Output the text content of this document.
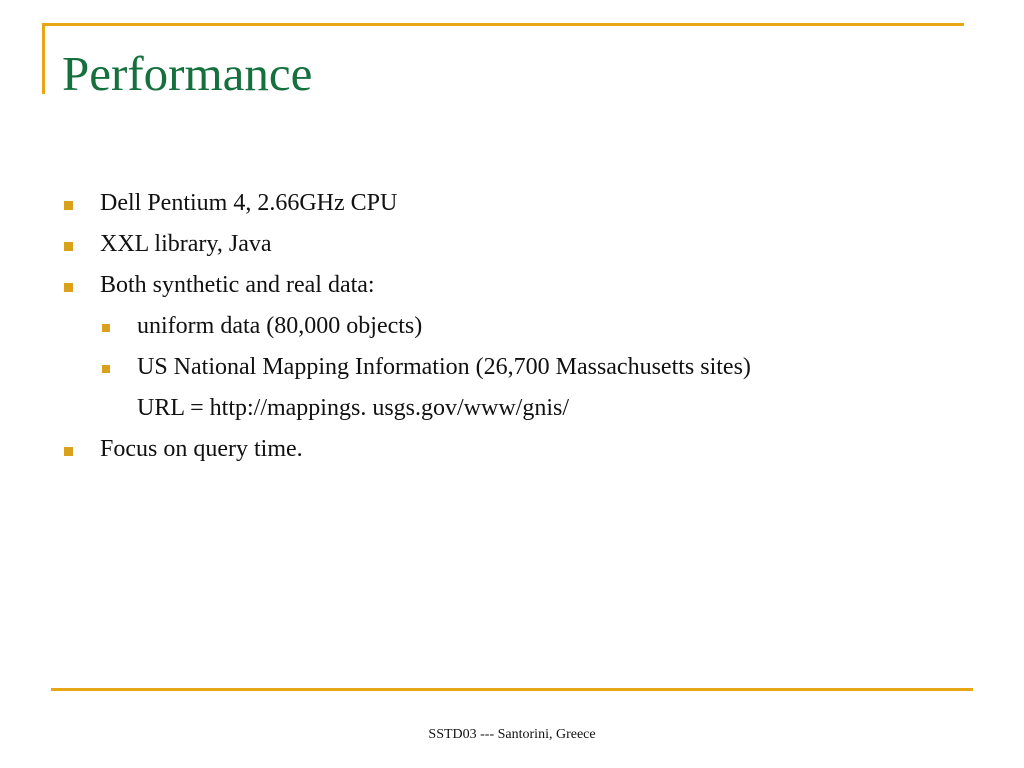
Performance
Dell Pentium 4, 2.66GHz CPU
XXL library, Java
Both synthetic and real data:
uniform data (80,000 objects)
US National Mapping Information (26,700 Massachusetts sites)
URL = http://mappings. usgs.gov/www/gnis/
Focus on query time.
SSTD03 --- Santorini, Greece
